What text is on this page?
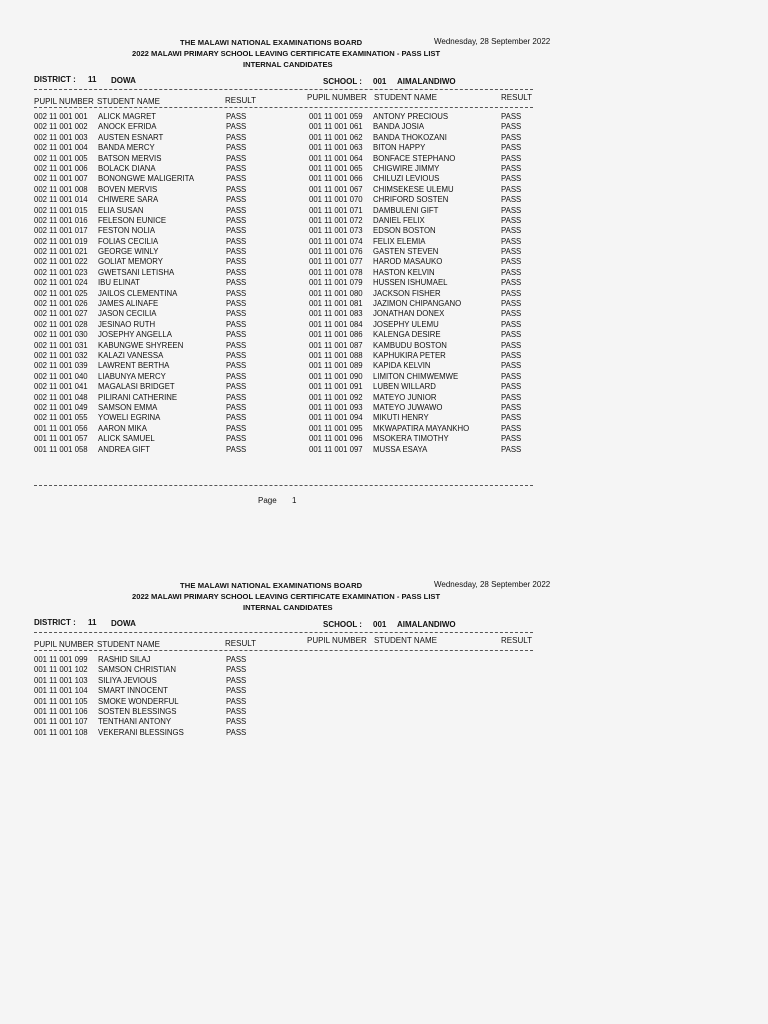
THE MALAWI NATIONAL EXAMINATIONS BOARD	Wednesday, 28 September 2022
2022 MALAWI PRIMARY SCHOOL LEAVING CERTIFICATE EXAMINATION - PASS LIST
INTERNAL CANDIDATES
DISTRICT : 11 DOWA	SCHOOL : 001 AIMALANDIWO
PUPIL NUMBER STUDENT NAME	RESULT	PUPIL NUMBER STUDENT NAME	RESULT
002 11 001 001 ALICK MAGRET	PASS
002 11 001 002 ANOCK EFRIDA	PASS
002 11 001 003 AUSTEN ESNART	PASS
002 11 001 004 BANDA MERCY	PASS
002 11 001 005 BATSON MERVIS	PASS
002 11 001 006 BOLACK DIANA	PASS
002 11 001 007 BONONGWE MALIGERITA	PASS
002 11 001 008 BOVEN MERVIS	PASS
002 11 001 014 CHIWERE SARA	PASS
002 11 001 015 ELIA SUSAN	PASS
002 11 001 016 FELESON EUNICE	PASS
002 11 001 017 FESTON NOLIA	PASS
002 11 001 019 FOLIAS CECILIA	PASS
002 11 001 021 GEORGE WINLY	PASS
002 11 001 022 GOLIAT MEMORY	PASS
002 11 001 023 GWETSANI LETISHA	PASS
002 11 001 024 IBU ELINAT	PASS
002 11 001 025 JAILOS CLEMENTINA	PASS
002 11 001 026 JAMES ALINAFE	PASS
002 11 001 027 JASON CECILIA	PASS
002 11 001 028 JESINAO RUTH	PASS
002 11 001 030 JOSEPHY ANGELLA	PASS
002 11 001 031 KABUNGWE SHYREEN	PASS
002 11 001 032 KALAZI VANESSA	PASS
002 11 001 039 LAWRENT BERTHA	PASS
002 11 001 040 LIABUNYA MERCY	PASS
002 11 001 041 MAGALASI BRIDGET	PASS
002 11 001 048 PILIRANI CATHERINE	PASS
002 11 001 049 SAMSON EMMA	PASS
002 11 001 055 YOWELI EGRINA	PASS
001 11 001 056 AARON MIKA	PASS
001 11 001 057 ALICK SAMUEL	PASS
001 11 001 058 ANDREA GIFT	PASS
001 11 001 059 ANTONY PRECIOUS	PASS
001 11 001 061 BANDA JOSIA	PASS
001 11 001 062 BANDA THOKOZANI	PASS
001 11 001 063 BITON HAPPY	PASS
001 11 001 064 BONFACE STEPHANO	PASS
001 11 001 065 CHIGWIRE JIMMY	PASS
001 11 001 066 CHILUZI LEVIOUS	PASS
001 11 001 067 CHIMSEKESE ULEMU	PASS
001 11 001 070 CHRIFORD SOSTEN	PASS
001 11 001 071 DAMBULENI GIFT	PASS
001 11 001 072 DANIEL FELIX	PASS
001 11 001 073 EDSON BOSTON	PASS
001 11 001 074 FELIX ELEMIA	PASS
001 11 001 076 GASTEN STEVEN	PASS
001 11 001 077 HAROD MASAUKO	PASS
001 11 001 078 HASTON KELVIN	PASS
001 11 001 079 HUSSEN ISHUMAEL	PASS
001 11 001 080 JACKSON FISHER	PASS
001 11 001 081 JAZIMON CHIPANGANO	PASS
001 11 001 083 JONATHAN DONEX	PASS
001 11 001 084 JOSEPHY ULEMU	PASS
001 11 001 086 KALENGA DESIRE	PASS
001 11 001 087 KAMBUDU BOSTON	PASS
001 11 001 088 KAPHUKIRA PETER	PASS
001 11 001 089 KAPIDA KELVIN	PASS
001 11 001 090 LIMITON CHIMWEMWE	PASS
001 11 001 091 LUBEN WILLARD	PASS
001 11 001 092 MATEYO JUNIOR	PASS
001 11 001 093 MATEYO JUWAWO	PASS
001 11 001 094 MIKUTI HENRY	PASS
001 11 001 095 MKWAPATIRA MAYANKHO	PASS
001 11 001 096 MSOKERA TIMOTHY	PASS
001 11 001 097 MUSSA ESAYA	PASS
Page 1
THE MALAWI NATIONAL EXAMINATIONS BOARD	Wednesday, 28 September 2022
2022 MALAWI PRIMARY SCHOOL LEAVING CERTIFICATE EXAMINATION - PASS LIST
INTERNAL CANDIDATES
DISTRICT : 11 DOWA	SCHOOL : 001 AIMALANDIWO
PUPIL NUMBER STUDENT NAME	RESULT	PUPIL NUMBER STUDENT NAME	RESULT
001 11 001 099 RASHID SILAJ	PASS
001 11 001 102 SAMSON CHRISTIAN	PASS
001 11 001 103 SILIYA JEVIOUS	PASS
001 11 001 104 SMART INNOCENT	PASS
001 11 001 105 SMOKE WONDERFUL	PASS
001 11 001 106 SOSTEN BLESSINGS	PASS
001 11 001 107 TENTHANI ANTONY	PASS
001 11 001 108 VEKERANI BLESSINGS	PASS
